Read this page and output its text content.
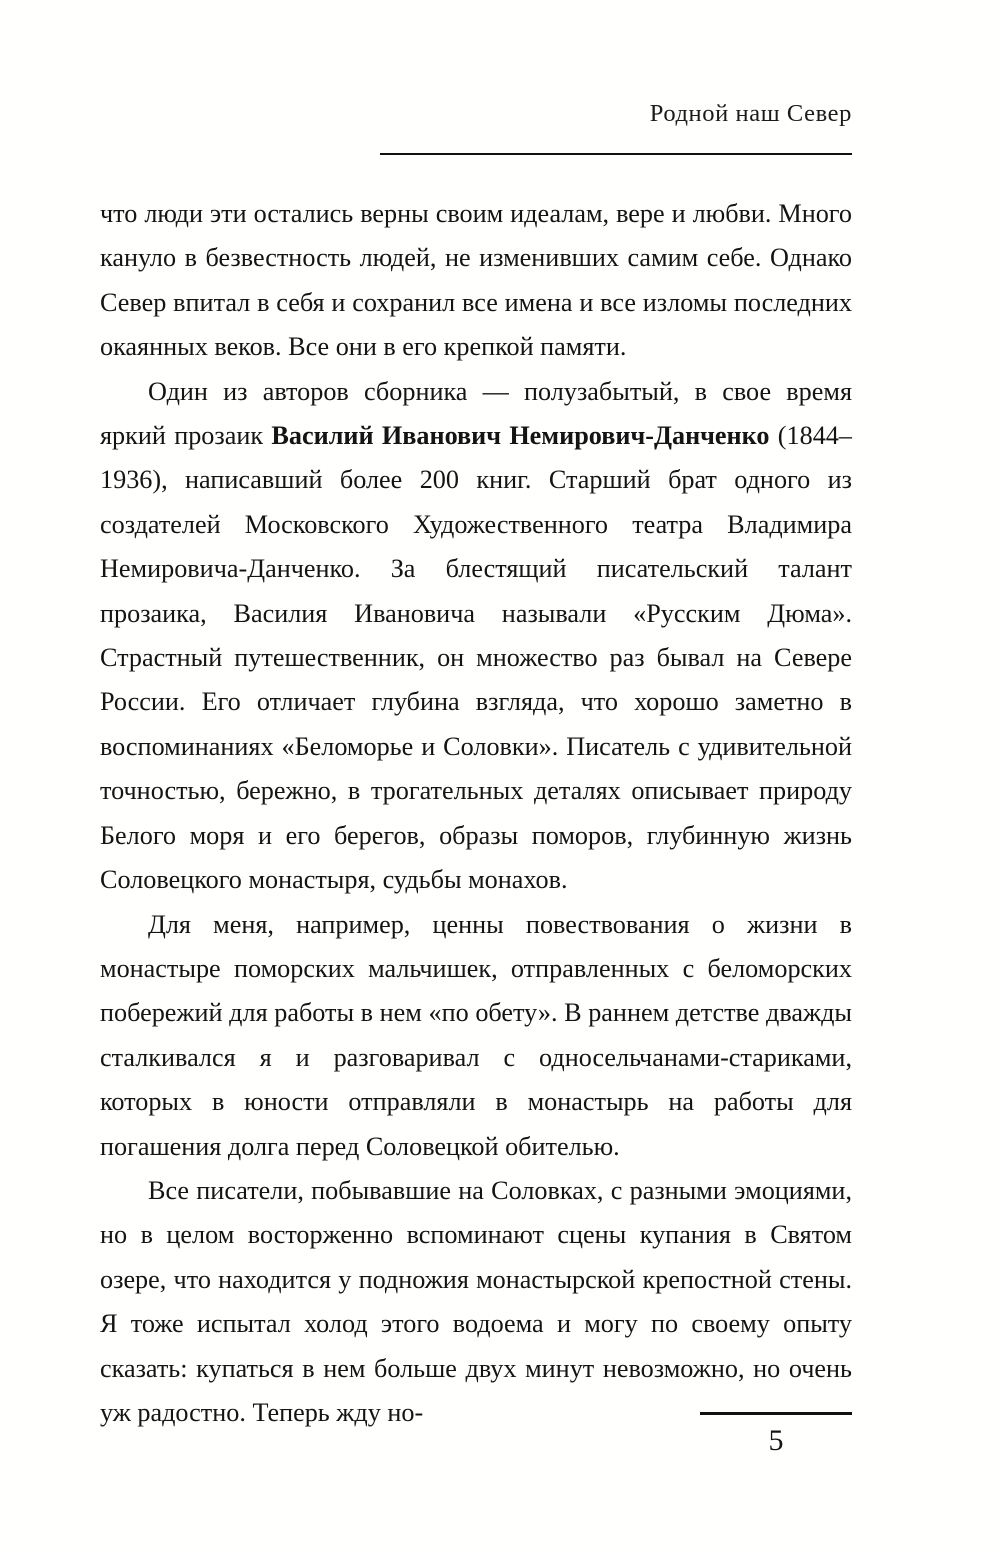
Родной наш Север

что люди эти остались верны своим идеалам, вере и любви. Много кануло в безвестность людей, не изменивших самим себе. Однако Север впитал в себя и сохранил все имена и все изломы последних окаянных веков. Все они в его крепкой памяти.

Один из авторов сборника — полузабытый, в свое время яркий прозаик Василий Иванович Немирович-Данченко (1844–1936), написавший более 200 книг. Старший брат одного из создателей Московского Художественного театра Владимира Немировича-Данченко. За блестящий писательский талант прозаика, Василия Ивановича называли «Русским Дюма». Страстный путешественник, он множество раз бывал на Севере России. Его отличает глубина взгляда, что хорошо заметно в воспоминаниях «Беломорье и Соловки». Писатель с удивительной точностью, бережно, в трогательных деталях описывает природу Белого моря и его берегов, образы поморов, глубинную жизнь Соловецкого монастыря, судьбы монахов.

Для меня, например, ценны повествования о жизни в монастыре поморских мальчишек, отправленных с беломорских побережий для работы в нем «по обету». В раннем детстве дважды сталкивался я и разговаривал с односельчанами-стариками, которых в юности отправляли в монастырь на работы для погашения долга перед Соловецкой обителью.

Все писатели, побывавшие на Соловках, с разными эмоциями, но в целом восторженно вспоминают сцены купания в Святом озере, что находится у подножия монастырской крепостной стены. Я тоже испытал холод этого водоема и могу по своему опыту сказать: купаться в нем больше двух минут невозможно, но очень уж радостно. Теперь жду но-

5
